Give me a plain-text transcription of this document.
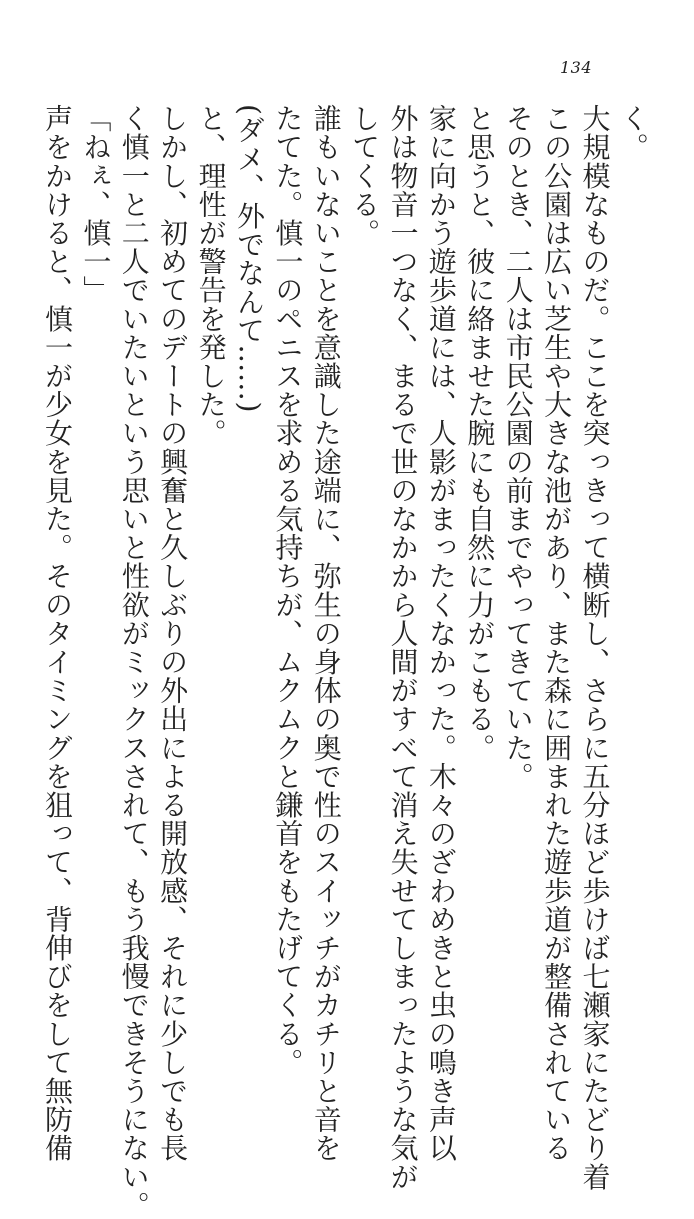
134
く。
大規模なものだ。ここを突っきって横断し、さらに五分ほど歩けば七瀬家にたどり着
この公園は広い芝生や大きな池があり、また森に囲まれた遊歩道が整備されている
そのとき、二人は市民公園の前までやってきていた。
と思うと、彼に絡ませた腕にも自然に力がこもる。
家に向かう遊歩道には、人影がまったくなかった。木々のざわめきと虫の鳴き声以
外は物音一つなく、まるで世のなかから人間がすべて消え失せてしまったような気が
してくる。
誰もいないことを意識した途端に、弥生の身体の奥で性のスイッチがカチリと音を
たてた。慎一のペニスを求める気持ちが、ムクムクと鎌首をもたげてくる。
(ダメ、外でなんて……)
と、理性が警告を発した。
しかし、初めてのデートの興奮と久しぶりの外出による開放感、それに少しでも長
く慎一と二人でいたいという思いと性欲がミックスされて、もう我慢できそうにない。
「ねぇ、慎一」
声をかけると、慎一が少女を見た。そのタイミングを狙って、背伸びをして無防備
